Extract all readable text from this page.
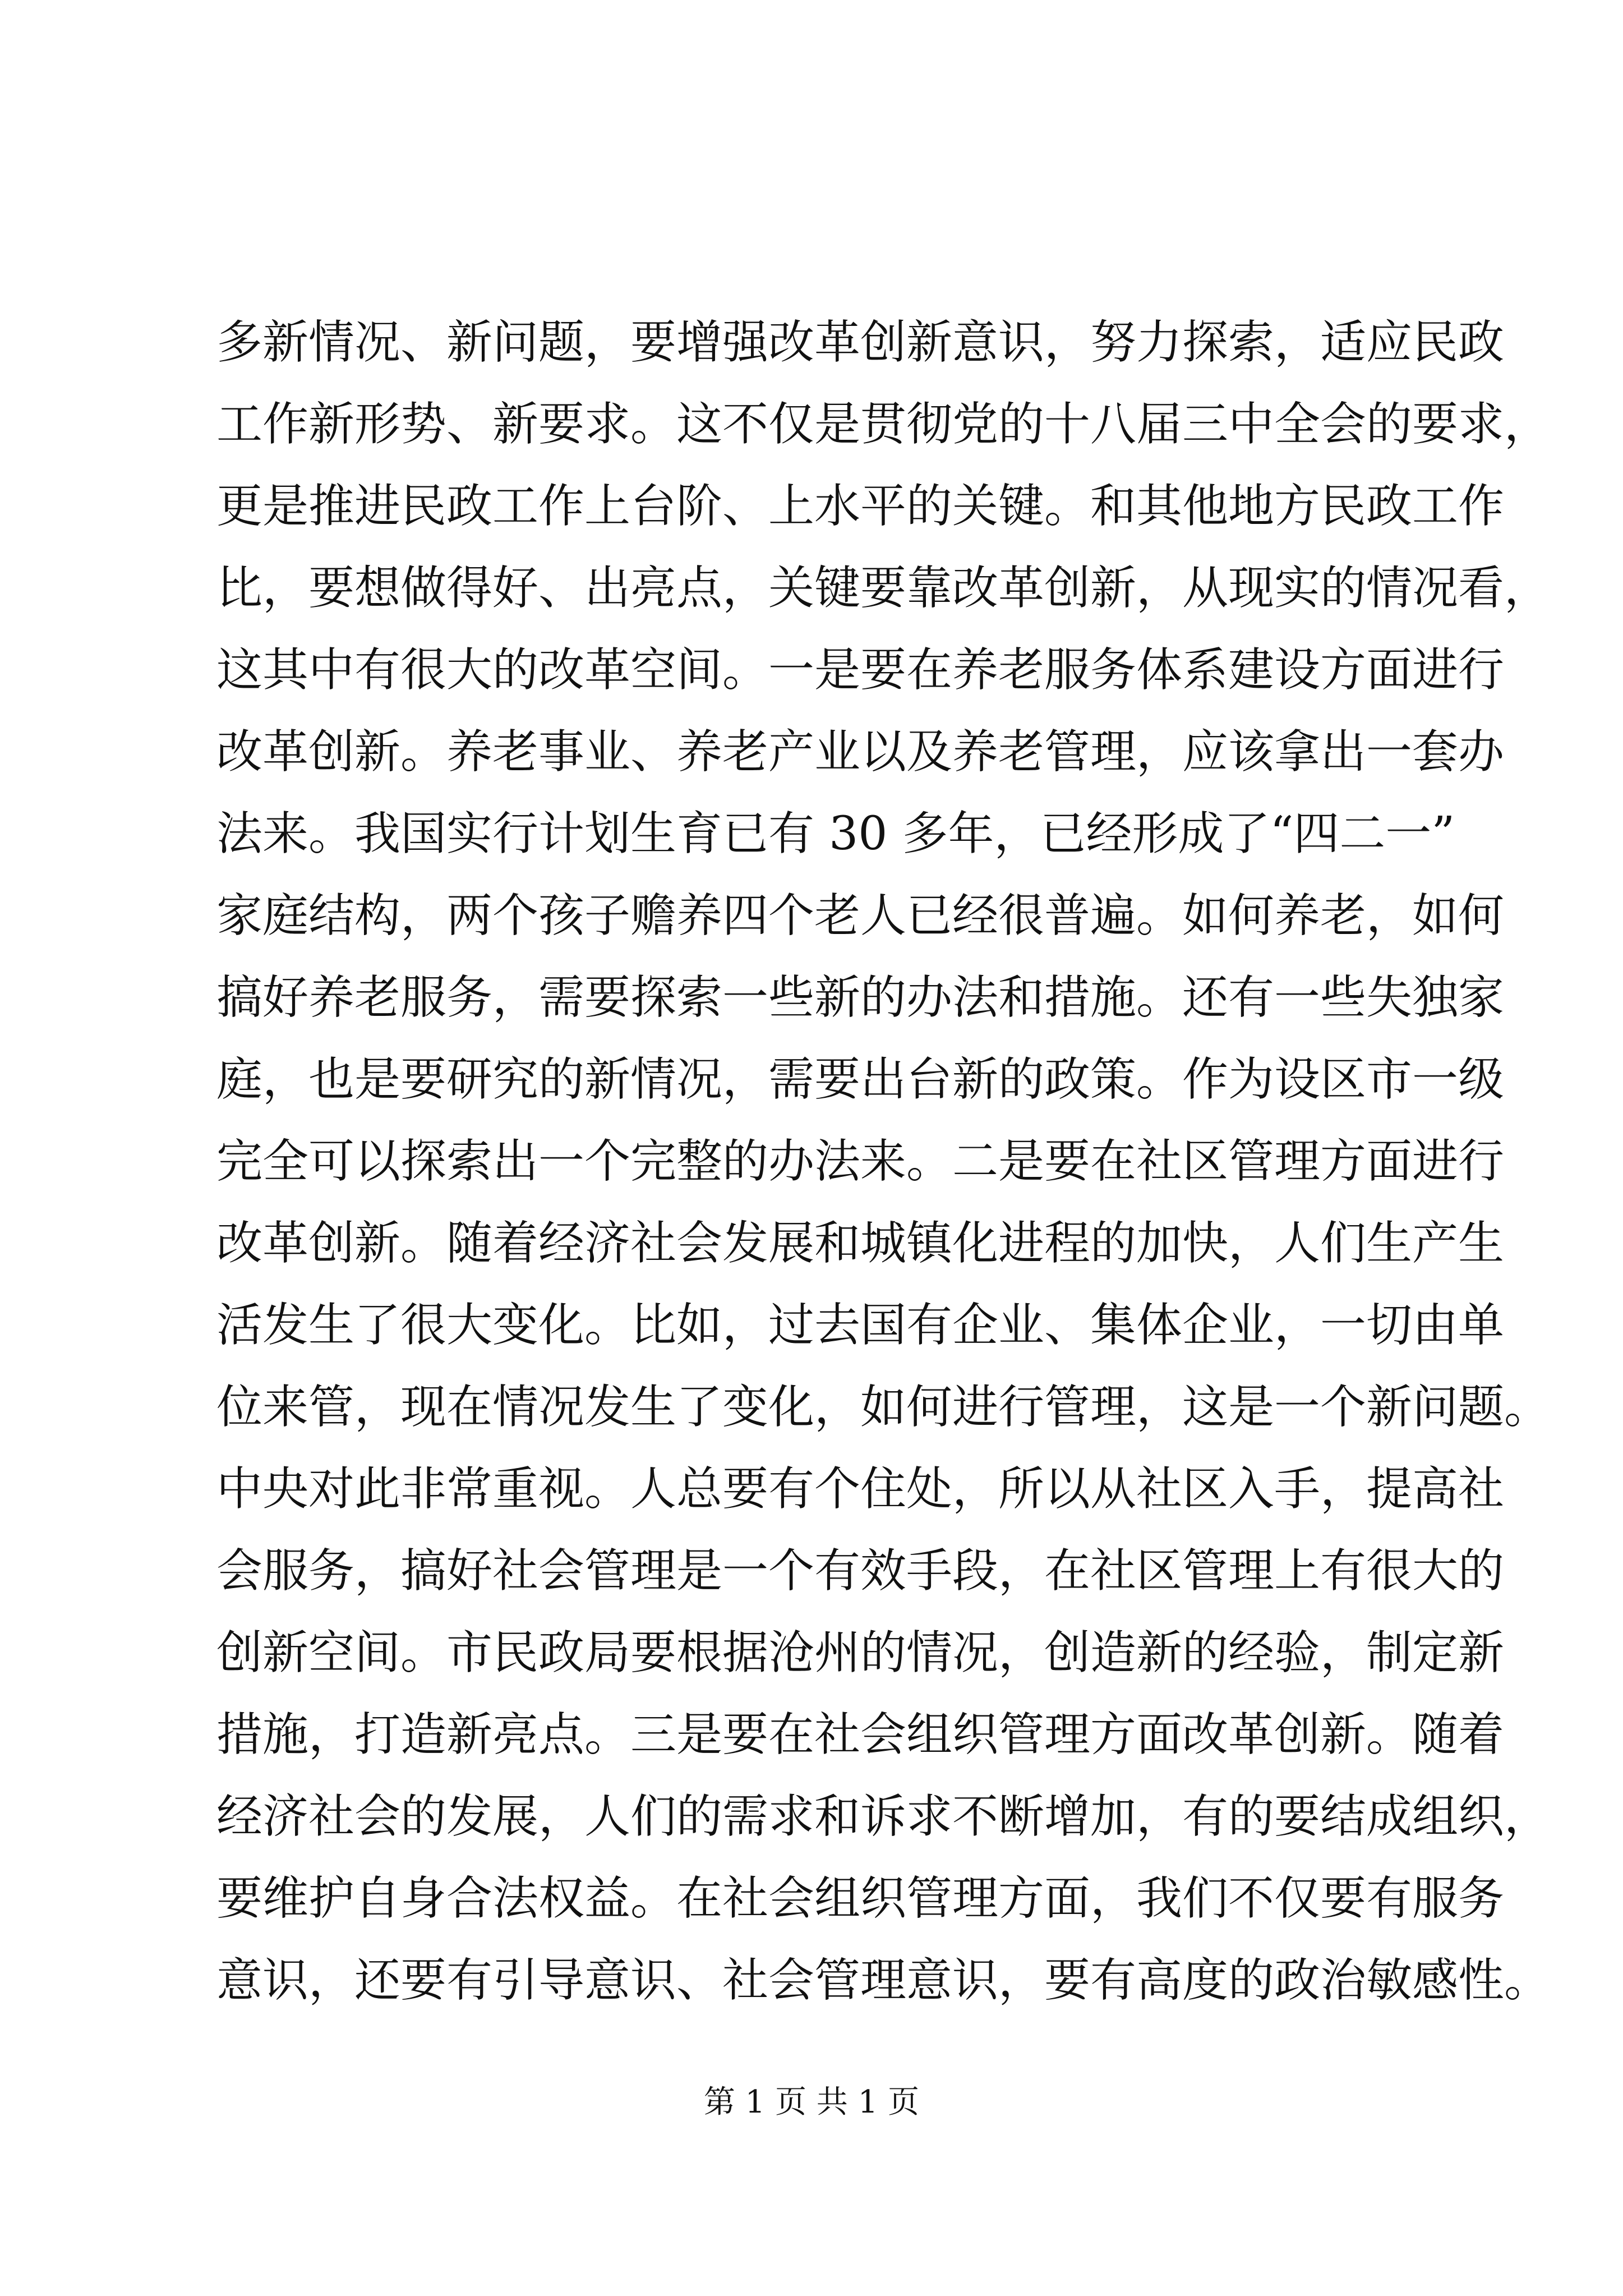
多新情况、新问题，要增强改革创新意识，努力探索，适应民政
工作新形势、新要求。这不仅是贯彻党的十八届三中全会的要求，
更是推进民政工作上台阶、上水平的关键。和其他地方民政工作
比，要想做得好、出亮点，关键要靠改革创新，从现实的情况看，
这其中有很大的改革空间。一是要在养老服务体系建设方面进行
改革创新。养老事业、养老产业以及养老管理，应该拿出一套办
法来。我国实行计划生育已有 30 多年，已经形成了“四二一”
家庭结构，两个孩子赡养四个老人已经很普遍。如何养老，如何
搞好养老服务，需要探索一些新的办法和措施。还有一些失独家
庭，也是要研究的新情况，需要出台新的政策。作为设区市一级
完全可以探索出一个完整的办法来。二是要在社区管理方面进行
改革创新。随着经济社会发展和城镇化进程的加快，人们生产生
活发生了很大变化。比如，过去国有企业、集体企业，一切由单
位来管，现在情况发生了变化，如何进行管理，这是一个新问题。
中央对此非常重视。人总要有个住处，所以从社区入手，提高社
会服务，搞好社会管理是一个有效手段，在社区管理上有很大的
创新空间。市民政局要根据沧州的情况，创造新的经验，制定新
措施，打造新亮点。三是要在社会组织管理方面改革创新。随着
经济社会的发展，人们的需求和诉求不断增加，有的要结成组织，
要维护自身合法权益。在社会组织管理方面，我们不仅要有服务
意识，还要有引导意识、社会管理意识，要有高度的政治敏感性。
第 1 页 共 1 页
